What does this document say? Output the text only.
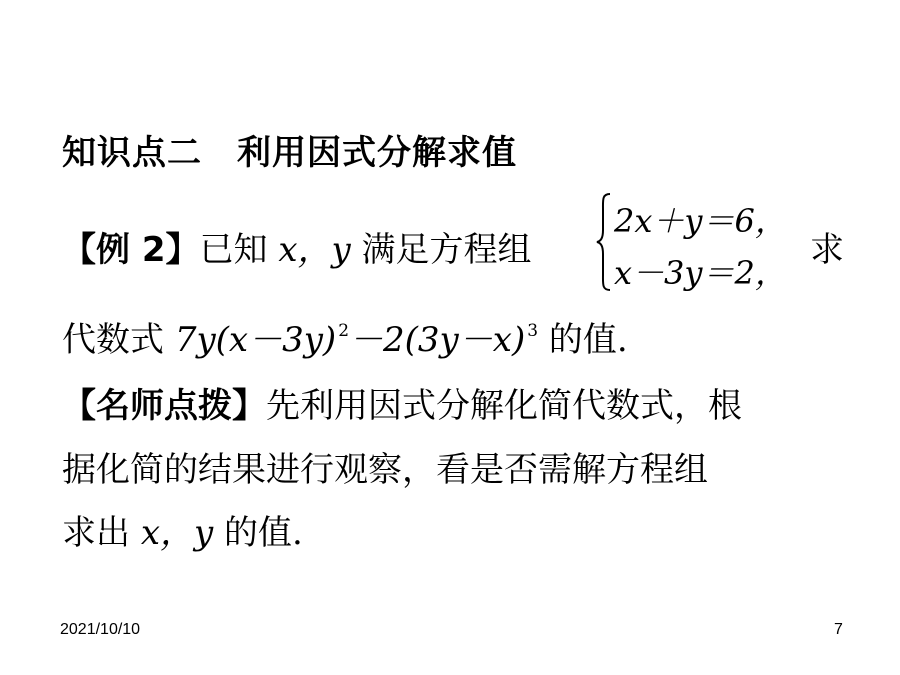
知识点二　利用因式分解求值
【例 2】已知 x，y 满足方程组
2x＋y＝6，
x－3y＝2，
求
代数式 7y(x－3y) $^2$－2(3y－x) $^3$ 的值.
【名师点拨】先利用因式分解化简代数式，根
据化简的结果进行观察，看是否需解方程组
求出 x，y 的值.
2021/10/10	7
